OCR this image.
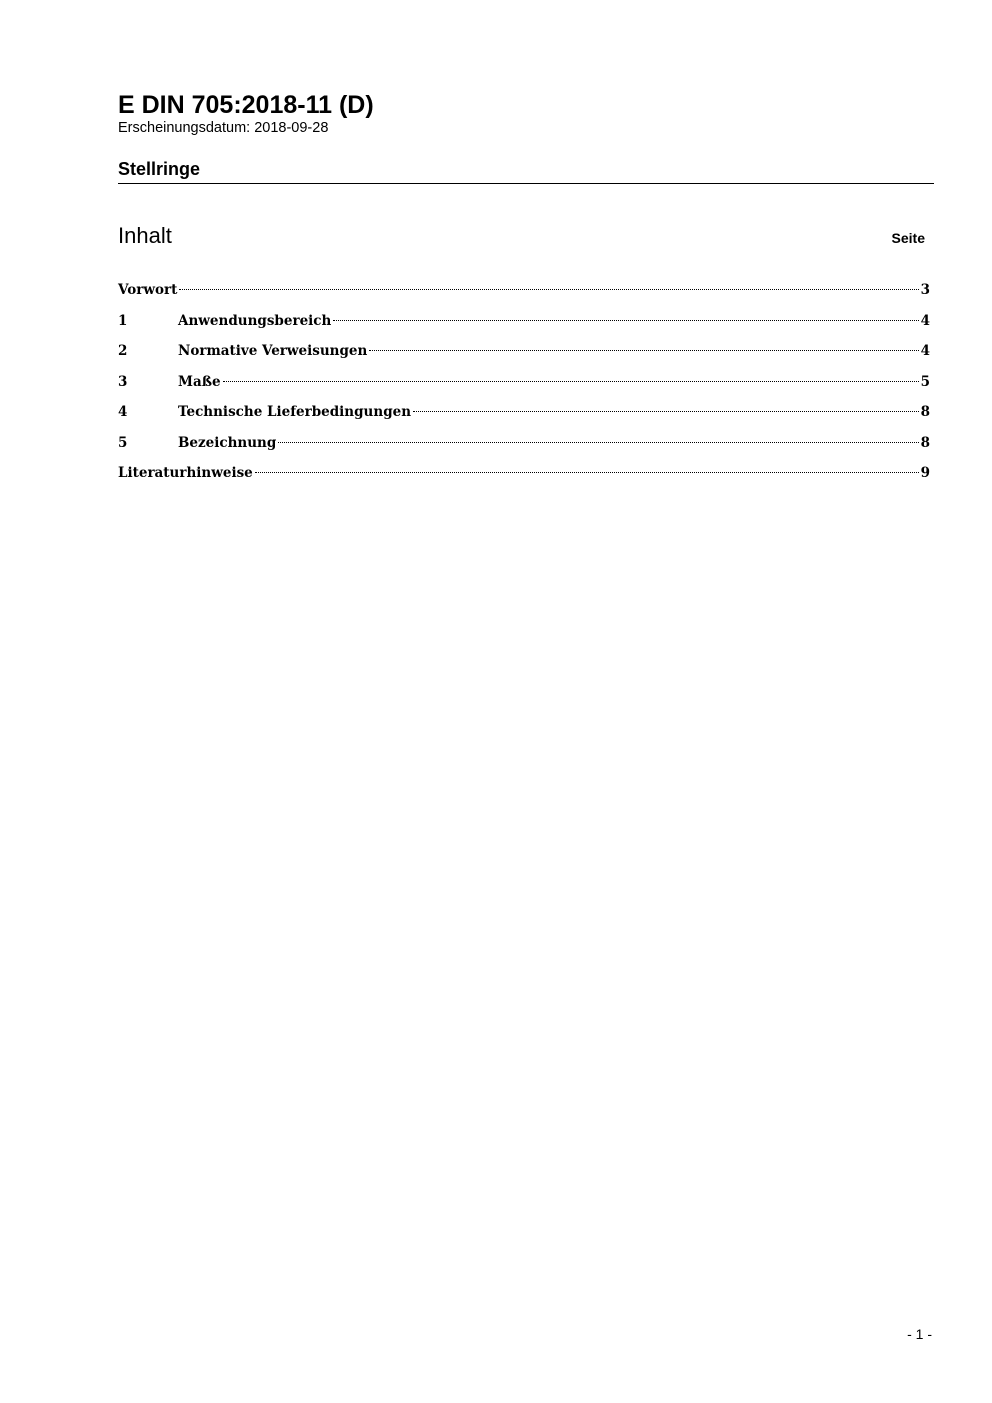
E DIN 705:2018-11 (D)

Erscheinungsdatum: 2018-09-28

Stellringe

Inhalt	Seite
Vorwort	3
1	Anwendungsbereich	4
2	Normative Verweisungen	4
3	Maße	5
4	Technische Lieferbedingungen	8
5	Bezeichnung	8
Literaturhinweise	9
- 1 -
